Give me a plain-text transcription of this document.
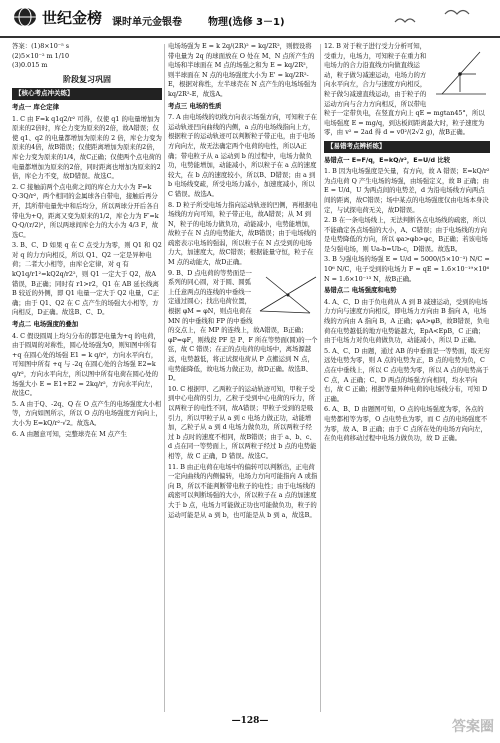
世纪金榜 课时单元金银卷	物理(选修 3－1)
答案：(1)8×10⁻⁵ s
(2)5×10⁻² m 1/10
(3)0.015 m
阶段复习巩固
【核心考点冲关练】
考点一 库仑定律
1. C 由 F=k q1q2/r² 可得，仅使 q1 的电量增加为原来的2倍时，库仑力变为原来的2倍，故A错误；仅使 q1、q2 的电量都增加为原来的 2 倍，库仑力变为原来的4倍，故B错误；仅使距离增加为原来的2倍，库仑力变为原来的1/4，故C正确；仅使两个点电荷的电量都增加为原来的2倍，同时距离也增加为原来的2倍，库仑力不变，故D错误。故选C。
2. C 接触前两个点电荷之间的库仑力大小为 F=k Q·3Q/r²，两个相同的金属球各自带电，接触后再分开，其所带电量先中和后均分，所以两球分开后各自带电为+Q，距离又变为原来的1/2，库仑力为 F′=k Q·Q/(r/2)²，所以两球间库仑力的大小为 4/3 F，故选C。
3. B、C、D 如果 q 在 C 点受力为零，则 Q1 和 Q2 对 q 的力方向相反，所以 Q1、Q2 一定是异种电荷；二者大小相等，由库仑定律，对 q 有 kQ1q/r1²=kQ2q/r2²，则 Q1 一定大于 Q2，故A错误，B正确；同时有 r1>r2，Q1 在 AB 延长线离 B 较近的外侧，即 Q1 电量一定大于 Q2 电量，C正确；由于 Q1、Q2 在 C 点产生的场强大小相等，方向相反，D正确。故选B、C、D。
考点二 电场强度的叠加
4. C 假设圆周上均匀分布的都是电量为+q 的电荷，由于圆周的对称性，圆心处场强为0，则知图中所有 +q 在圆心处的场强 E1 = k q/r²，方向水平向右，可知图中所有 +q 与 -2q 在圆心处的合场强 E2=k q/r²，方向水平向左，所以图中所有电荷在圆心处的场强大小 E = E1+E2 = 2kq/r²，方向水平向左，故选C。
5. A 由于Q、-2q、Q 在 O 点产生的电场强度大小相等，方向如图所示，所以 O 点的电场强度方向向上，大小为 E=kQ/r²·√2。故选A。
6. A 由题意可知，完整球壳在 M 点产生
电场场强为 E = k 2q/(2R)² = kq/2R²，则假设将带电量为 2q 的球面放在 O 处在 M、N 点所产生的电场和半球面在 M 点的场强之和为 E = kq/2R²，则半球面在 N 点的电场强度大小为 E' = kq/2R²- E，根据对称性，左半球壳在 N 点产生的电场场强为 kq/2R²-E，故选A。
考点三 电场的性质
7. A 由电场线的切线方向表示场强方向，可知粒子在运动轨迹凹向曲线的内侧，a 点的电场线指向上方，根据粒子的运动轨迹可以判断粒子带正电，由于电场方向向左，故无法确定两个电荷的电性，所以A正确；带电粒子从 a 运动到 b 的过程中，电场力做负功，电势能增加，动能减小，所以粒子在 a 点的速度较大，在 b 点的速度较小，所以B、D错误；由 a 到 b 电场线变疏，所受电场力减小，加速度减小，所以 C 错误。故选A。
8. D 粒子所受电场力指向运动轨迹的凹侧，再根据电场线的方向可知，粒子带正电，故A错误；从 M 到 N，粒子的电场力做负功，动能减小，电势能增加，故粒子在 N 点的电势能大，故B错误；由于电场线的疏密表示电场的强弱，所以粒子在 N 点受到的电场力大，加速度大，故C错误；根据能量守恒，粒子在 M 点的动能大，故D正确。
9. B、D 点电荷的等势面是一系列的同心圆，对于圆、圆弧上任意两点的连线的中垂线一定通过圆心；找出电荷位置，根据 φM = φN，则点电荷在 MN 的中垂线和 FP 的中垂线的交点上，在 MP 的连线上，故A错误，B正确；φP=φF，则线段 PF 是 P、F 所在等势面(圆)的一个弦，故 C 错误；在正的点电荷的电场中，离场源越远，电势越低，将正试探电荷从 P 点搬运到 N 点，电势能降低，故电场力做正功，故D正确。故选B、D。
10. C 根据甲、乙两粒子的运动轨迹可知，甲粒子受到中心电荷的引力，乙粒子受到中心电荷的斥力，所以两粒子的电性不同，故A错误；甲粒子受到的是吸引力，所以甲粒子从 a 到 c 电场力做正功，动能增加，乙粒子从 a 到 d 电场力做负功，所以两粒子经过 b 点时的速度不相同，故B错误；由于 a、b、c、d 点在同一等势面上，所以两粒子经过 b 点的电势能相等，故 C 正确，D 错误。故选C。
11. B 由正电荷在电场中的偏转可以判断出，正电荷一定向曲线的内侧偏转，电场力方向可能指向 A 或指向 B，所以不能判断带电粒子的电性；由于电场线的疏密可以判断场强的大小，所以粒子在 a 点的加速度大于 b 点，电场力可能做正功也可能做负功，粒子的运动可能是从 a 到 b，也可能是从 b 到 a，故选B。
12. B 对于粒子进行受力分析可知，受重力，电场力，可知粒子在重力和电场力的合力沿直线方向做直线运动，粒子做匀减速运动，电场力的方向水平向左，合力与速度方向相反，粒子做匀减速直线运动，由于粒子的运动方向与合力方向相反，所以带电粒子一定带负电，在竖直方向上 qE = mgtan45°，所以电场强度 E = mg/q，到达板间距离最大时，粒子速度为零，由 v² = 2ad 得 d = v0²/(2√2 g)，故B正确。
【易错考点辨析练】
易错点一 E=F/q，E=kQ/r²，E=U/d 比较
1. B 因为电场强度是矢量，有方向，故 A 错误；E=kQ/r² 为点电荷 Q 产生电场的场强，由场强定义，故 B 正确；由 E = U/d，U 为两点间的电势差，d 为沿电场线方向两点间的距离，故C错误；场中某点的电场强度仅由电场本身决定，与试探电荷无关，故D错误。
2. B 在一条电场线上，无法判断各点电场线的疏密，所以不能确定各点场强的大小，A、C错误；由于电场线的方向是电势降低的方向，所以 φa>φb>φc，B正确；若该电场是匀强电场，则 Ua-b=Ub-c，D错误。故选B。
3. B 匀强电场的场强 E = U/d = 5000/(5×10⁻³) N/C = 10⁶ N/C，电子受到的电场力 F = qE = 1.6×10⁻¹⁹×10⁶ N = 1.6×10⁻¹³ N，故B正确。
易错点二 电场强度和电势
4. A、C、D 由于负电荷从 A 到 B 减速运动，受到的电场力方向与速度方向相反，即电场力方向由 B 指向 A，电场线的方向由 A 指向 B，A 正确；φA>φB，故B错误，负电荷在电势越低的地方电势能越大，EpA<EpB，C 正确；由于电场力对负电荷做负功，动能减小，所以 D 正确。
5. A、C、D 由题，通过 AB 的中垂面是一等势面，取无穷远处电势为零，则 A 点的电势为正，B 点的电势为负，C 点在中垂线上，所以 C 点电势为零，所以 A 点的电势高于 C 点，A 正确；C、D 两点的场强方向相同，均水平向右，故 C 正确；根据等量异种电荷的电场线分布，可知 D 正确。
6. A、B、D 由题图可知，O 点的电场强度为零，各点的电势都相等为零，O 点电势也为零，而 C 点的电场强度不为零，故 A、B 正确；由于 C 点所在处的电场方向向左，在负电荷移动过程中电场力做负功，故 D 正确。
—128—	答案圈
